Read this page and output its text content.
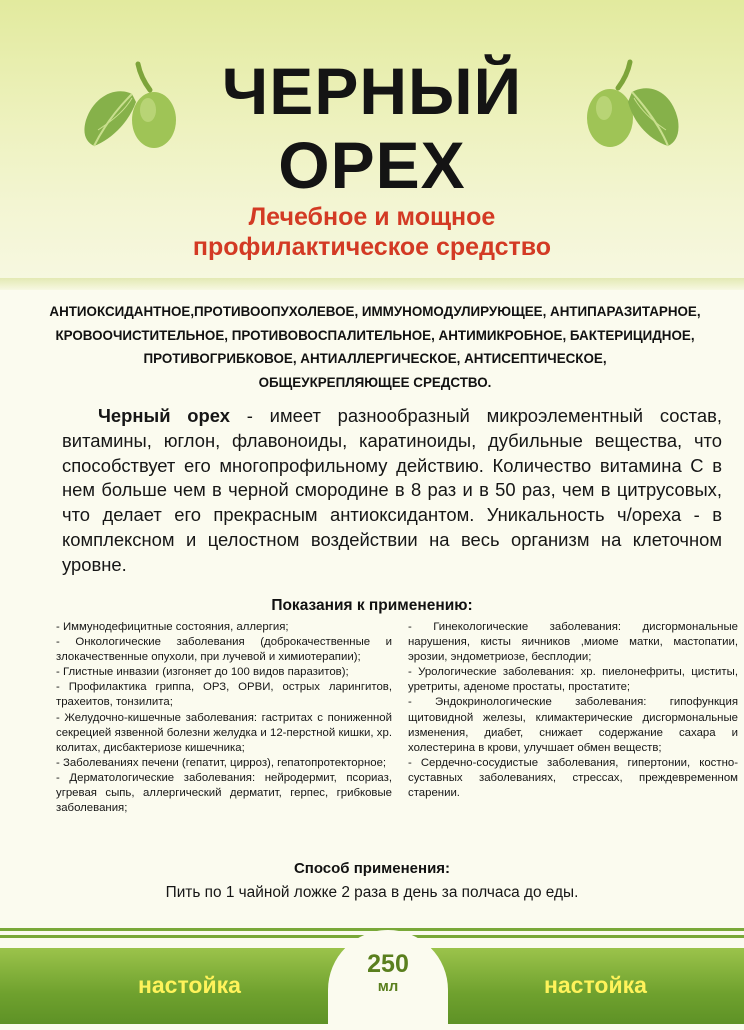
ЧЕРНЫЙ
ОРЕХ
Лечебное и мощное
профилактическое средство
АНТИОКСИДАНТНОЕ,ПРОТИВООПУХОЛЕВОЕ, ИММУНОМОДУЛИРУЮЩЕЕ, АНТИПАРАЗИТАРНОЕ,
КРОВООЧИСТИТЕЛЬНОЕ, ПРОТИВОВОСПАЛИТЕЛЬНОЕ, АНТИМИКРОБНОЕ, БАКТЕРИЦИДНОЕ,
ПРОТИВОГРИБКОВОЕ, АНТИАЛЛЕРГИЧЕСКОЕ, АНТИСЕПТИЧЕСКОЕ,
ОБЩЕУКРЕПЛЯЮЩЕЕ СРЕДСТВО.
Черный орех - имеет разнообразный микроэлементный состав, витамины, юглон, флавоноиды, каратиноиды, дубильные вещества, что способствует его многопрофильному действию. Количество витамина С в нем больше чем в черной смородине в 8 раз и в 50 раз, чем в цитрусовых, что делает его прекрасным антиоксидантом. Уникальность ч/ореха - в комплексном и целостном воздействии на весь организм на клеточном уровне.
Показания к применению:
- Иммунодефицитные состояния, аллергия;
- Онкологические заболевания (доброкачественные и злокачественные опухоли, при лучевой и химиотерапии);
- Глистные инвазии (изгоняет до 100 видов паразитов);
- Профилактика гриппа, ОРЗ, ОРВИ, острых ларингитов, трахеитов, тонзилита;
- Желудочно-кишечные заболевания: гастритах с пониженной секрецией язвенной болезни желудка и 12-перстной кишки, хр. колитах, дисбактериозе кишечника;
- Заболеваниях печени (гепатит, цирроз), гепатопротекторное;
- Дерматологические заболевания: нейродермит, псориаз, угревая сыпь, аллергический дерматит, герпес, грибковые заболевания;
- Гинекологические заболевания: дисгормональные нарушения, кисты яичников ,миоме матки, мастопатии, эрозии, эндометриозе, бесплодии;
- Урологические заболевания: хр. пиелонефриты, циститы, уретриты, аденоме простаты, простатите;
- Эндокринологические заболевания: гипофункция щитовидной железы, климактерические дисгормональные изменения, диабет, снижает содержание сахара и холестерина в крови, улучшает обмен веществ;
- Сердечно-сосудистые заболевания, гипертонии, костно-суставных заболеваниях, стрессах, преждевременном старении.
Способ применения:
Пить по 1 чайной ложке 2 раза в день за полчаса до еды.
250
мл
настойка	настойка
